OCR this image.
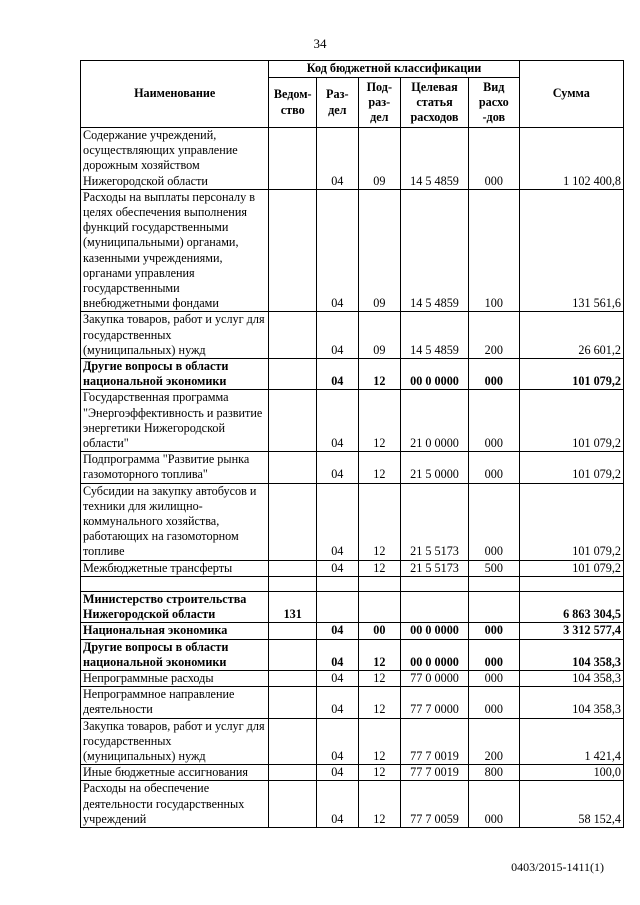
34
Наименование	Код бюджетной классификации					Сумма
	Ведом-ство	Раз-дел	Под-раз-дел	Целевая статья расходов	Вид расхо -дов	
Содержание учреждений, осуществляющих управление дорожным хозяйством Нижегородской области		04	09	14 5 4859	000	1 102 400,8
Расходы на выплаты персоналу в целях обеспечения выполнения функций государственными (муниципальными) органами, казенными учреждениями, органами управления государственными внебюджетными фондами		04	09	14 5 4859	100	131 561,6
Закупка товаров, работ и услуг для государственных (муниципальных) нужд		04	09	14 5 4859	200	26 601,2
Другие вопросы в области национальной экономики		04	12	00 0 0000	000	101 079,2
Государственная программа "Энергоэффективность и развитие энергетики Нижегородской области"		04	12	21 0 0000	000	101 079,2
Подпрограмма "Развитие рынка газомоторного топлива"		04	12	21 5 0000	000	101 079,2
Субсидии на закупку автобусов и техники для жилищно-коммунального хозяйства, работающих на газомоторном топливе		04	12	21 5 5173	000	101 079,2
Межбюджетные трансферты		04	12	21 5 5173	500	101 079,2

Министерство строительства Нижегородской области	131					6 863 304,5
Национальная экономика		04	00	00 0 0000	000	3 312 577,4
Другие вопросы в области национальной экономики		04	12	00 0 0000	000	104 358,3
Непрограммные расходы		04	12	77 0 0000	000	104 358,3
Непрограммное направление деятельности		04	12	77 7 0000	000	104 358,3
Закупка товаров, работ и услуг для государственных (муниципальных) нужд		04	12	77 7 0019	200	1 421,4
Иные бюджетные ассигнования		04	12	77 7 0019	800	100,0
Расходы на обеспечение деятельности государственных учреждений		04	12	77 7 0059	000	58 152,4
0403/2015-1411(1)
